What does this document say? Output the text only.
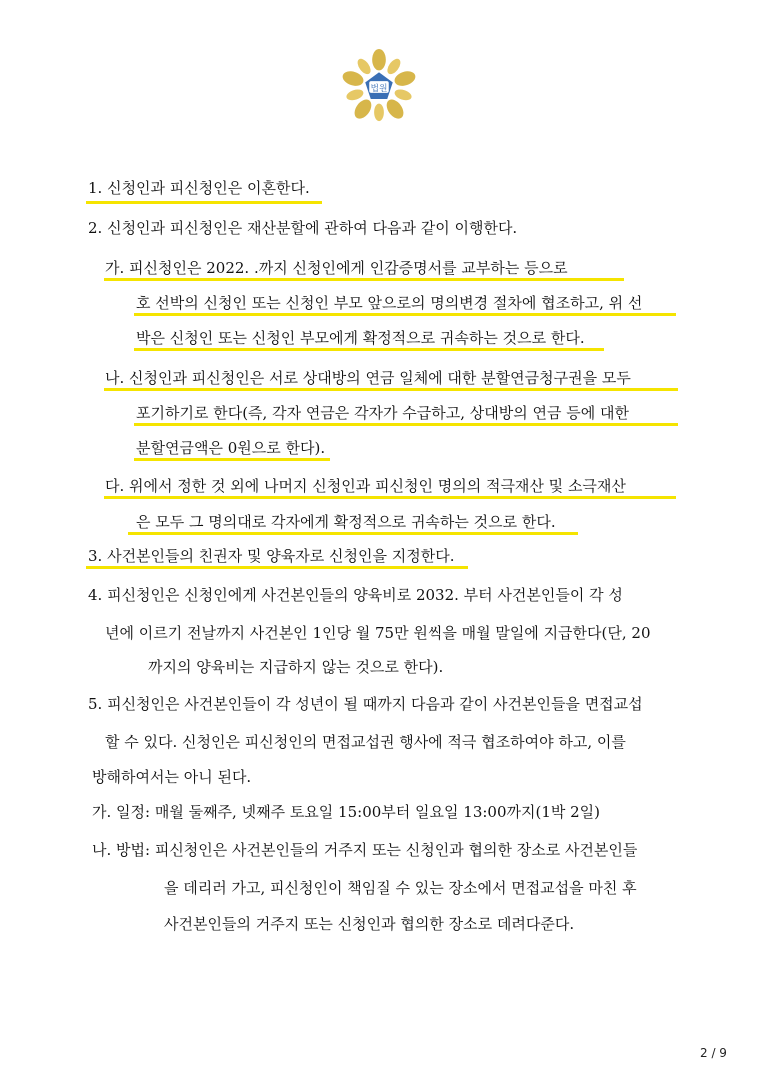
법원
1. 신청인과 피신청인은 이혼한다.
2. 신청인과 피신청인은 재산분할에 관하여 다음과 같이 이행한다.
가. 피신청인은 2022. .까지 신청인에게 인감증명서를 교부하는 등으로
호 선박의 신청인 또는 신청인 부모 앞으로의 명의변경 절차에 협조하고, 위 선
박은 신청인 또는 신청인 부모에게 확정적으로 귀속하는 것으로 한다.
나. 신청인과 피신청인은 서로 상대방의 연금 일체에 대한 분할연금청구권을 모두
포기하기로 한다(즉, 각자 연금은 각자가 수급하고, 상대방의 연금 등에 대한
분할연금액은 0원으로 한다).
다. 위에서 정한 것 외에 나머지 신청인과 피신청인 명의의 적극재산 및 소극재산
은 모두 그 명의대로 각자에게 확정적으로 귀속하는 것으로 한다.
3. 사건본인들의 친권자 및 양육자로 신청인을 지정한다.
4. 피신청인은 신청인에게 사건본인들의 양육비로 2032. 부터 사건본인들이 각 성
년에 이르기 전날까지 사건본인 1인당 월 75만 원씩을 매월 말일에 지급한다(단, 20
까지의 양육비는 지급하지 않는 것으로 한다).
5. 피신청인은 사건본인들이 각 성년이 될 때까지 다음과 같이 사건본인들을 면접교섭
할 수 있다. 신청인은 피신청인의 면접교섭권 행사에 적극 협조하여야 하고, 이를
방해하여서는 아니 된다.
가. 일정: 매월 둘째주, 넷째주 토요일 15:00부터 일요일 13:00까지(1박 2일)
나. 방법: 피신청인은 사건본인들의 거주지 또는 신청인과 협의한 장소로 사건본인들
을 데리러 가고, 피신청인이 책임질 수 있는 장소에서 면접교섭을 마친 후
사건본인들의 거주지 또는 신청인과 협의한 장소로 데려다준다.
2 / 9
